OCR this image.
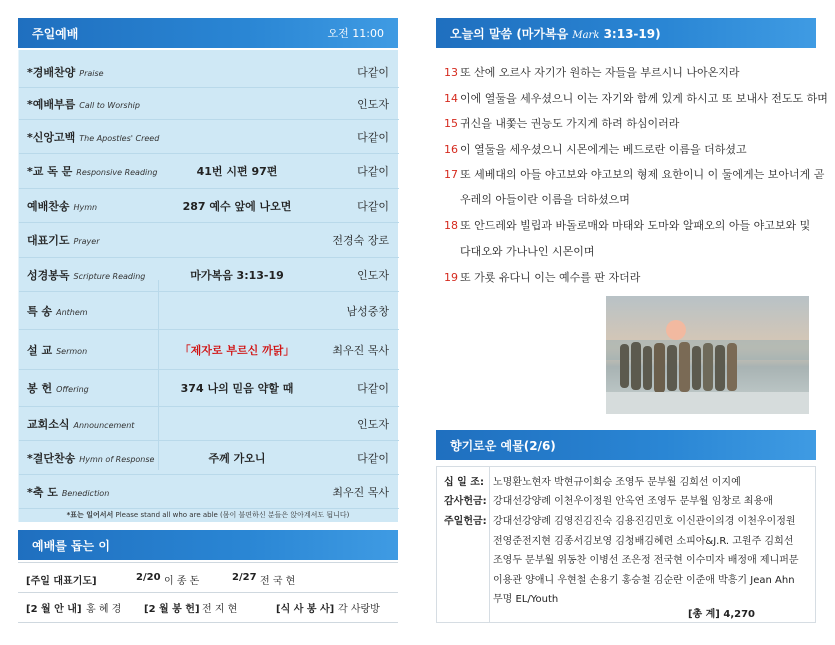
주일예배	오전 11:00
*경배찬양 Praise	다같이
*예배부름 Call to Worship	인도자
*신앙고백 The Apostles' Creed	다같이
*교 독 문 Responsive Reading	41번 시편 97편	다같이
예배찬송 Hymn	287 예수 앞에 나오면	다같이
대표기도 Prayer	전경숙 장로
성경봉독 Scripture Reading	마가복음 3:13-19	인도자
특 송 Anthem	남성중창
설 교 Sermon	「제자로 부르신 까닭」	최우진 목사
봉 헌 Offering	374 나의 믿음 약할 때	다같이
교회소식 Announcement	인도자
*결단찬송 Hymn of Response	주께 가오니	다같이
*축 도 Benediction	최우진 목사
*표는 일어서서 Please stand all who are able (몸이 불편하신 분들은 앉아계셔도 됩니다)
예배를 돕는 이
[주일 대표기도]	2/20 이 종 돈	2/27 전 국 현
[2 월 안 내] 홍 혜 경 [2 월 봉 헌] 전 지 현	[식 사 봉 사] 각 사랑방
오늘의 말씀 (마가복음 Mark 3:13-19)
13 또 산에 오르사 자기가 원하는 자들을 부르시니 나아온지라
14 이에 열둘을 세우셨으니 이는 자기와 함께 있게 하시고 또 보내사 전도도 하며
15 귀신을 내쫓는 권능도 가지게 하려 하심이러라
16 이 열둘을 세우셨으니 시몬에게는 베드로란 이름을 더하셨고
17 또 세베대의 아들 야고보와 야고보의 형제 요한이니 이 둘에게는 보아너게 곧
우레의 아들이란 이름을 더하셨으며
18 또 안드레와 빌립과 바돌로매와 마태와 도마와 알패오의 아들 야고보와 및
다대오와 가나나인 시몬이며
19 또 가룟 유다니 이는 예수를 판 자더라
향기로운 예물(2/6)
십 일 조: 노명환노현자 박현규이희승 조영두 문부월 김희선 이지예
감사헌금: 강대선강양례 이천우이정원 안옥연 조영두 문부월 임창로 최용애
주일헌금: 강대선강양례 김영진김진숙 김용진김민호 이신관이의경 이천우이정원
전영준전지현 김종서김보영 김청배김혜련 소피아&J.R. 고원주 김희선
조영두 문부월 위동찬 이병선 조은정 전국현 이수미자 배정애 제니퍼문
이용관 양애니 우현철 손용기 홍승철 김순란 이준애 박흥기 Jean Ahn
무명 EL/Youth
[총 계] 4,270
